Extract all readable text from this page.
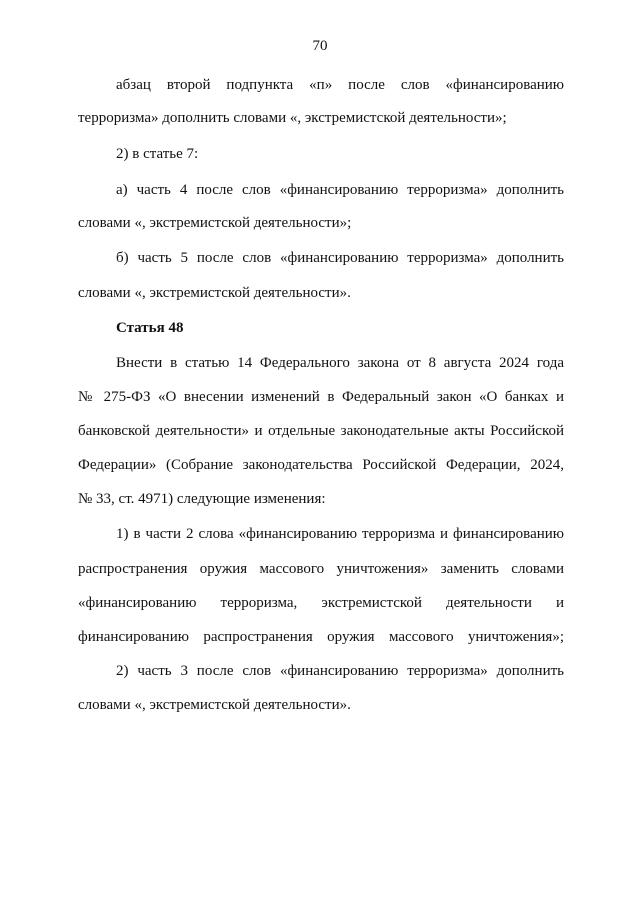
70
абзац второй подпункта «п» после слов «финансированию
терроризма» дополнить словами «, экстремистской деятельности»;
2) в статье 7:
а) часть 4 после слов «финансированию терроризма» дополнить
словами «, экстремистской деятельности»;
б) часть 5 после слов «финансированию терроризма» дополнить
словами «, экстремистской деятельности».
Статья 48
Внести в статью 14 Федерального закона от 8 августа 2024 года
№ 275-ФЗ «О внесении изменений в Федеральный закон «О банках и
банковской деятельности» и отдельные законодательные акты Российской
Федерации» (Собрание законодательства Российской Федерации, 2024,
№ 33, ст. 4971) следующие изменения:
1) в части 2 слова «финансированию терроризма и финансированию
распространения оружия массового уничтожения» заменить словами
«финансированию терроризма, экстремистской деятельности и
финансированию распространения оружия массового уничтожения»;
2) часть 3 после слов «финансированию терроризма» дополнить
словами «, экстремистской деятельности».
